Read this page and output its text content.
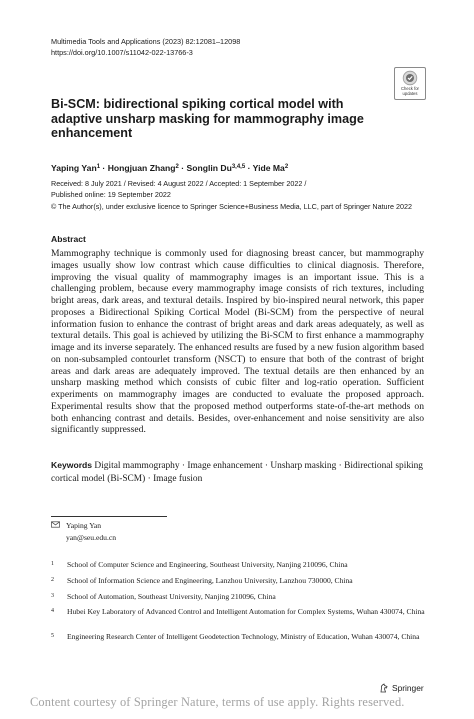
Multimedia Tools and Applications (2023) 82:12081–12098
https://doi.org/10.1007/s11042-022-13766-3
Check for
updates
Bi-SCM: bidirectional spiking cortical model with adaptive unsharp masking for mammography image enhancement
Yaping Yan$^1$ · Hongjuan Zhang$^2$ · Songlin Du$^{3,4,5}$ · Yide Ma$^2$
Received: 8 July 2021 / Revised: 4 August 2022 / Accepted: 1 September 2022 /
Published online: 19 September 2022
© The Author(s), under exclusive licence to Springer Science+Business Media, LLC, part of Springer Nature 2022
Abstract

Mammography technique is commonly used for diagnosing breast cancer, but mammography images usually show low contrast which cause difficulties to clinical diagnosis. Therefore, improving the visual quality of mammography images is an important issue. This is a challenging problem, because every mammography image consists of rich textures, including bright areas, dark areas, and textural details. Inspired by bio-inspired neural network, this paper proposes a Bidirectional Spiking Cortical Model (Bi-SCM) from the perspective of neural information fusion to enhance the contrast of bright areas and dark areas adequately, as well as textural details. This goal is achieved by utilizing the Bi-SCM to first enhance a mammography image and its inverse separately. The enhanced results are fused by a new fusion algorithm based on non-subsampled contourlet transform (NSCT) to ensure that both of the contrast of bright areas and dark areas are adequately improved. The textual details are then enhanced by an unsharp masking method which consists of cubic filter and log-ratio operation. Sufficient experiments on mammography images are conducted to evaluate the proposed approach. Experimental results show that the proposed method outperforms state-of-the-art methods on both enhancing contrast and details. Besides, over-enhancement and noise sensitivity are also significantly suppressed.

Keywords Digital mammography · Image enhancement · Unsharp masking · Bidirectional spiking cortical model (Bi-SCM) · Image fusion
Yaping Yan
yan@seu.edu.cn
1	School of Computer Science and Engineering, Southeast University, Nanjing 210096, China
2	School of Information Science and Engineering, Lanzhou University, Lanzhou 730000, China
3	School of Automation, Southeast University, Nanjing 210096, China
4	Hubei Key Laboratory of Advanced Control and Intelligent Automation for Complex Systems, Wuhan 430074, China
5	Engineering Research Center of Intelligent Geodetection Technology, Ministry of Education, Wuhan 430074, China
Springer
Content courtesy of Springer Nature, terms of use apply. Rights reserved.
